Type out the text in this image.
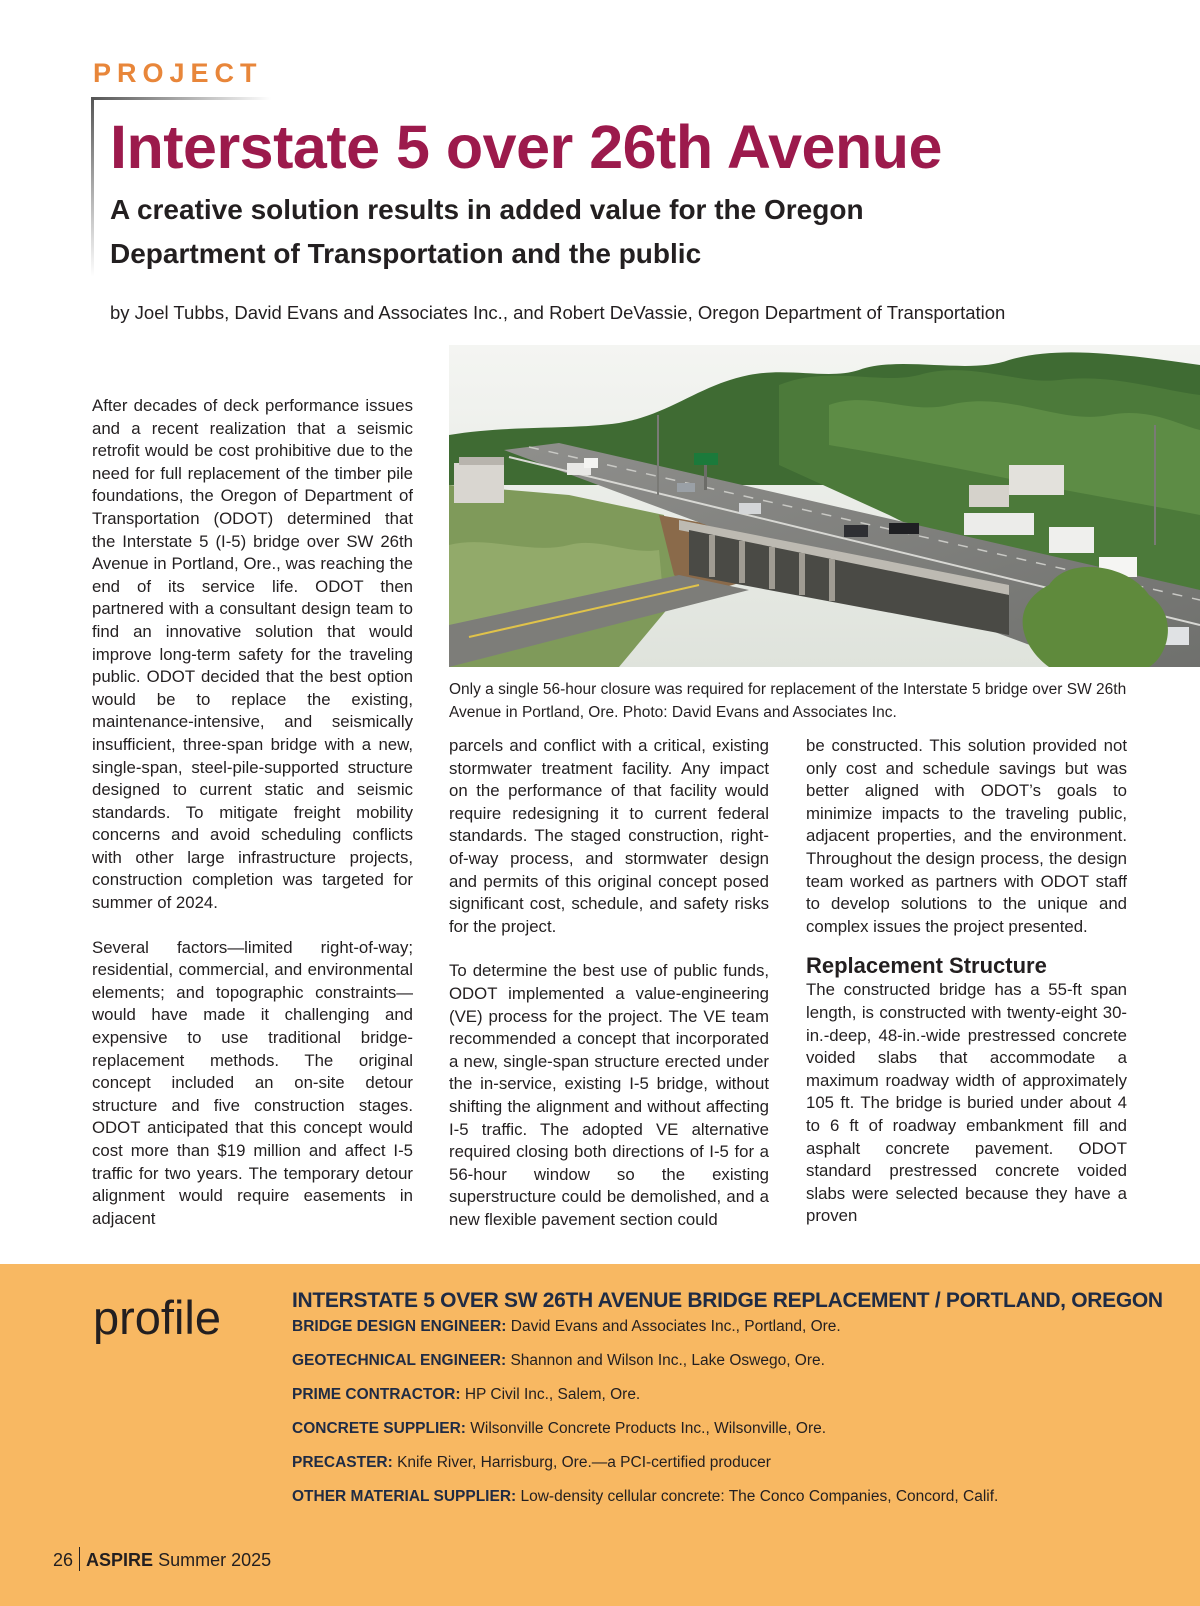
PROJECT
Interstate 5 over 26th Avenue
A creative solution results in added value for the Oregon Department of Transportation and the public
by Joel Tubbs, David Evans and Associates Inc., and Robert DeVassie, Oregon Department of Transportation
Only a single 56-hour closure was required for replacement of the Interstate 5 bridge over SW 26th Avenue in Portland, Ore. Photo: David Evans and Associates Inc.

After decades of deck performance issues and a recent realization that a seismic retrofit would be cost prohibitive due to the need for full replacement of the timber pile foundations, the Oregon of Department of Transportation (ODOT) determined that the Interstate 5 (I-5) bridge over SW 26th Avenue in Portland, Ore., was reaching the end of its service life. ODOT then partnered with a consultant design team to find an innovative solution that would improve long-term safety for the traveling public. ODOT decided that the best option would be to replace the existing, maintenance-intensive, and seismically insufficient, three-span bridge with a new, single-span, steel-pile-supported structure designed to current static and seismic standards. To mitigate freight mobility concerns and avoid scheduling conflicts with other large infrastructure projects, construction completion was targeted for summer of 2024.

Several factors—limited right-of-way; residential, commercial, and environmental elements; and topographic constraints—would have made it challenging and expensive to use traditional bridge-replacement methods. The original concept included an on-site detour structure and five construction stages. ODOT anticipated that this concept would cost more than $19 million and affect I-5 traffic for two years. The temporary detour alignment would require easements in adjacent

parcels and conflict with a critical, existing stormwater treatment facility. Any impact on the performance of that facility would require redesigning it to current federal standards. The staged construction, right-of-way process, and stormwater design and permits of this original concept posed significant cost, schedule, and safety risks for the project.

To determine the best use of public funds, ODOT implemented a value-engineering (VE) process for the project. The VE team recommended a concept that incorporated a new, single-span structure erected under the in-service, existing I-5 bridge, without shifting the alignment and without affecting I-5 traffic. The adopted VE alternative required closing both directions of I-5 for a 56-hour window so the existing superstructure could be demolished, and a new flexible pavement section could

be constructed. This solution provided not only cost and schedule savings but was better aligned with ODOT’s goals to minimize impacts to the traveling public, adjacent properties, and the environment. Throughout the design process, the design team worked as partners with ODOT staff to develop solutions to the unique and complex issues the project presented.

Replacement Structure

The constructed bridge has a 55-ft span length, is constructed with twenty-eight 30-in.-deep, 48-in.-wide prestressed concrete voided slabs that accommodate a maximum roadway width of approximately 105 ft. The bridge is buried under about 4 to 6 ft of roadway embankment fill and asphalt concrete pavement. ODOT standard prestressed concrete voided slabs were selected because they have a proven

profile	INTERSTATE 5 OVER SW 26TH AVENUE BRIDGE REPLACEMENT / PORTLAND, OREGON
BRIDGE DESIGN ENGINEER: David Evans and Associates Inc., Portland, Ore.
GEOTECHNICAL ENGINEER: Shannon and Wilson Inc., Lake Oswego, Ore.
PRIME CONTRACTOR: HP Civil Inc., Salem, Ore.
CONCRETE SUPPLIER: Wilsonville Concrete Products Inc., Wilsonville, Ore.
PRECASTER: Knife River, Harrisburg, Ore.—a PCI-certified producer
OTHER MATERIAL SUPPLIER: Low-density cellular concrete: The Conco Companies, Concord, Calif.
26 ASPIRE Summer 2025
